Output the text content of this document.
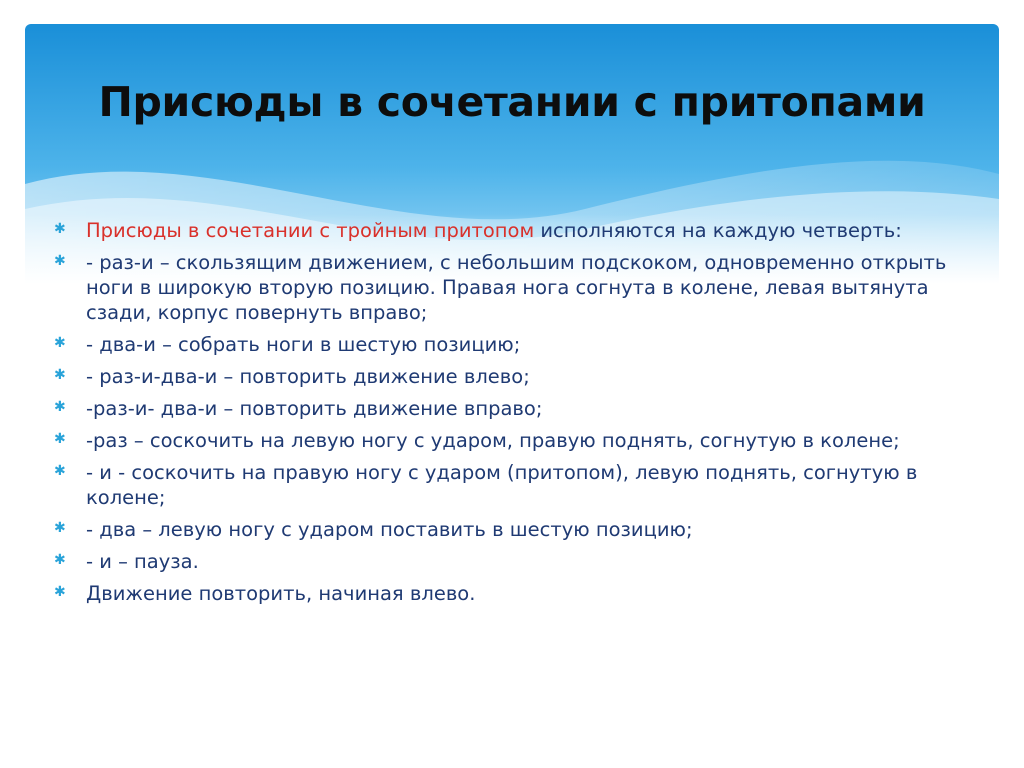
Присюды в сочетании с притопами
✱ Присюды в сочетании с тройным притопом исполняются на каждую четверть:
✱ - раз-и – скользящим движением, с небольшим подскоком, одновременно открыть ноги в широкую вторую позицию. Правая нога согнута в колене, левая вытянута сзади, корпус повернуть вправо;
✱ - два-и – собрать ноги в шестую позицию;
✱ - раз-и-два-и – повторить движение влево;
✱ -раз-и- два-и – повторить движение вправо;
✱ -раз – соскочить на левую ногу с ударом, правую поднять, согнутую в колене;
✱ - и - соскочить на правую ногу с ударом (притопом), левую поднять, согнутую в колене;
✱ - два – левую ногу с ударом поставить в шестую позицию;
✱ - и – пауза.
✱ Движение повторить, начиная влево.
